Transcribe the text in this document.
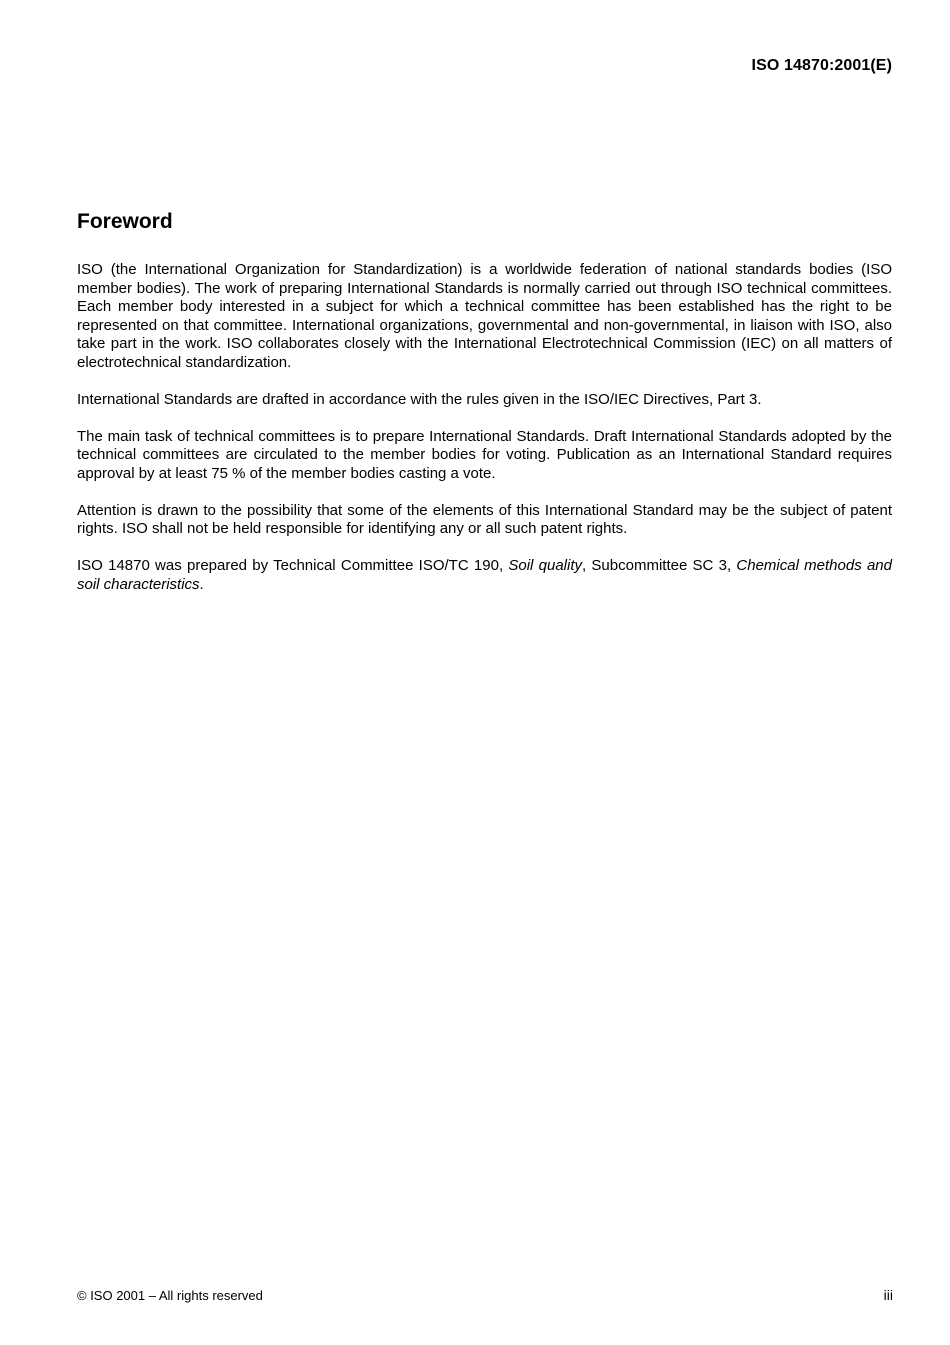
ISO 14870:2001(E)
Foreword

ISO (the International Organization for Standardization) is a worldwide federation of national standards bodies (ISO member bodies). The work of preparing International Standards is normally carried out through ISO technical committees. Each member body interested in a subject for which a technical committee has been established has the right to be represented on that committee. International organizations, governmental and non-governmental, in liaison with ISO, also take part in the work. ISO collaborates closely with the International Electrotechnical Commission (IEC) on all matters of electrotechnical standardization.

International Standards are drafted in accordance with the rules given in the ISO/IEC Directives, Part 3.

The main task of technical committees is to prepare International Standards. Draft International Standards adopted by the technical committees are circulated to the member bodies for voting. Publication as an International Standard requires approval by at least 75 % of the member bodies casting a vote.

Attention is drawn to the possibility that some of the elements of this International Standard may be the subject of patent rights. ISO shall not be held responsible for identifying any or all such patent rights.

ISO 14870 was prepared by Technical Committee ISO/TC 190, Soil quality, Subcommittee SC 3, Chemical methods and soil characteristics.

© ISO 2001 – All rights reserved	iii
